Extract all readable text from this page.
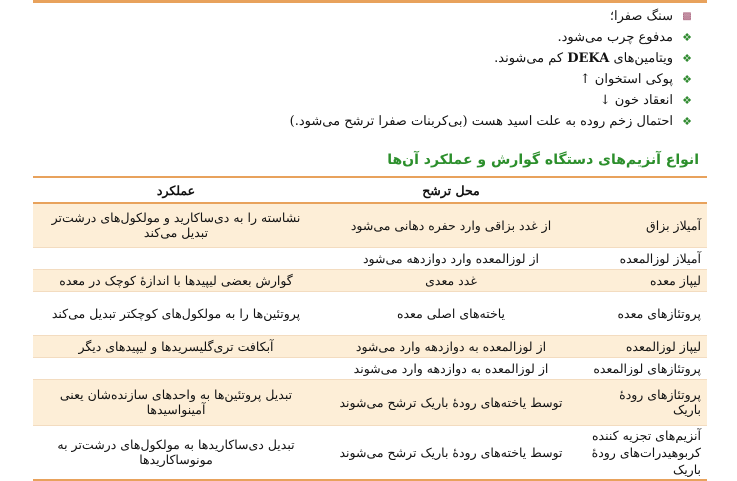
▩
سنگ صفرا؛
❖
مدفوع چرب می‌شود.
❖
ویتامین‌های DEKA کم می‌شوند.
❖
پوکی استخوان ↑
❖
انعقاد خون ↓
❖
احتمال زخم روده به علت اسید هست (بی‌کربنات صفرا ترشح می‌شود.)
انواع آنزیم‌های دستگاه گوارش و عملکرد آن‌ها
	محل ترشح	عملکرد
آمیلاز بزاق	از غدد بزاقی وارد حفره دهانی می‌شود	نشاسته را به دی‌ساکارید و مولکول‌های درشت‌تر تبدیل می‌کند
آمیلاز لوزالمعده	از لوزالمعده وارد دوازدهه می‌شود	
لیپاز معده	غدد معدی	گوارش بعضی لیپیدها با اندازهٔ کوچک در معده
پروتئازهای معده	یاخته‌های اصلی معده	پروتئین‌ها را به مولکول‌های کوچکتر تبدیل می‌کند
لیپاز لوزالمعده	از لوزالمعده به دوازدهه وارد می‌شود	آبکافت تری‌گلیسریدها و لیپیدهای دیگر
پروتئازهای لوزالمعده	از لوزالمعده به دوازدهه وارد می‌شوند	
پروتئازهای رودهٔ باریک	توسط یاخته‌های رودهٔ باریک ترشح می‌شوند	تبدیل پروتئین‌ها به واحدهای سازنده‌شان یعنی آمینواسیدها

آنزیم‌های تجزیه کننده
کربوهیدرات‌های رودهٔ باریک	توسط یاخته‌های رودهٔ باریک ترشح می‌شوند	تبدیل دی‌ساکاریدها به مولکول‌های درشت‌تر به مونوساکاریدها
